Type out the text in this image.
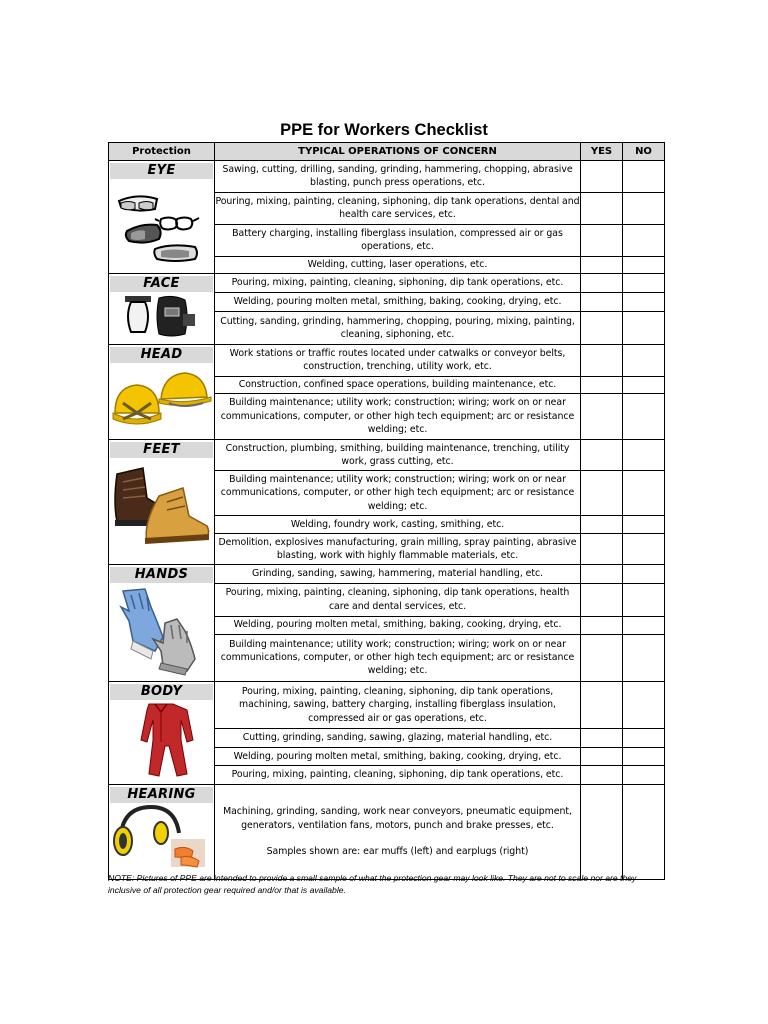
PPE for Workers Checklist
Protection	TYPICAL OPERATIONS OF CONCERN	YES	NO

EYE	Sawing, cutting, drilling, sanding, grinding, hammering, chopping, abrasive blasting, punch press operations, etc.		
	Pouring, mixing, painting, cleaning, siphoning, dip tank operations, dental and health care services, etc.		
	Battery charging, installing fiberglass insulation, compressed air or gas operations, etc.		
	Welding, cutting, laser operations, etc.		

FACE	Pouring, mixing, painting, cleaning, siphoning, dip tank operations, etc.		
	Welding, pouring molten metal, smithing, baking, cooking, drying, etc.		
	Cutting, sanding, grinding, hammering, chopping, pouring, mixing, painting, cleaning, siphoning, etc.		

HEAD	Work stations or traffic routes located under catwalks or conveyor belts, construction, trenching, utility work, etc.		
	Construction, confined space operations, building maintenance, etc.		
	Building maintenance; utility work; construction; wiring; work on or near communications, computer, or other high tech equipment; arc or resistance welding; etc.		

FEET	Construction, plumbing, smithing, building maintenance, trenching, utility work, grass cutting, etc.		
	Building maintenance; utility work; construction; wiring; work on or near communications, computer, or other high tech equipment; arc or resistance welding; etc.		
	Welding, foundry work, casting, smithing, etc.		
	Demolition, explosives manufacturing, grain milling, spray painting, abrasive blasting, work with highly flammable materials, etc.		

HANDS	Grinding, sanding, sawing, hammering, material handling, etc.		
	Pouring, mixing, painting, cleaning, siphoning, dip tank operations, health care and dental services, etc.		
	Welding, pouring molten metal, smithing, baking, cooking, drying, etc.		
	Building maintenance; utility work; construction; wiring; work on or near communications, computer, or other high tech equipment; arc or resistance welding; etc.		

BODY	Pouring, mixing, painting, cleaning, siphoning, dip tank operations, machining, sawing, battery charging, installing fiberglass insulation, compressed air or gas operations, etc.		
	Cutting, grinding, sanding, sawing, glazing, material handling, etc.		
	Welding, pouring molten metal, smithing, baking, cooking, drying, etc.		
	Pouring, mixing, painting, cleaning, siphoning, dip tank operations, etc.		

HEARING	Machining, grinding, sanding, work near conveyors, pneumatic equipment, generators, ventilation fans, motors, punch and brake presses, etc.
Samples shown are: ear muffs (left) and earplugs (right)		

NOTE: Pictures of PPE are intended to provide a small sample of what the protection gear may look like. They are not to scale nor are they inclusive of all protection gear required and/or that is available.
